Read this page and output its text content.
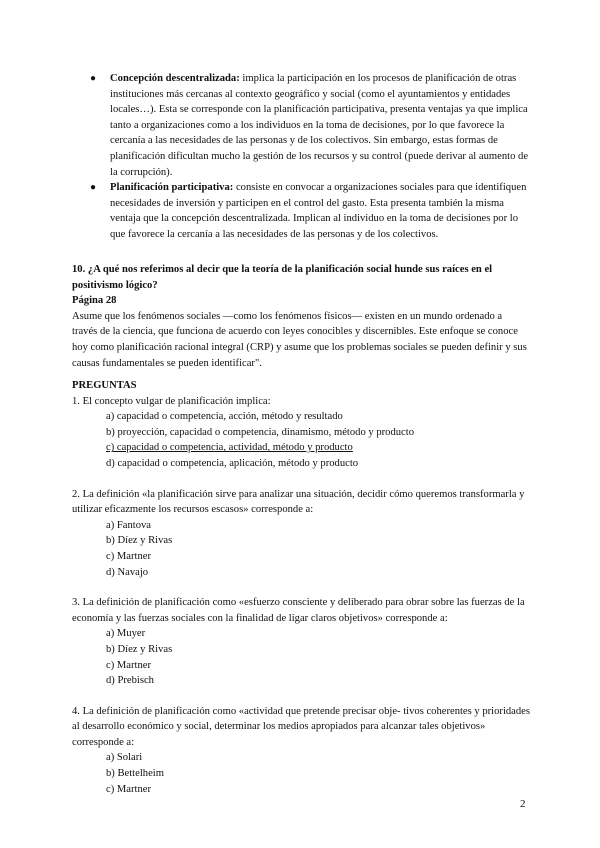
● Concepción descentralizada: implica la participación en los procesos de planificación de otras instituciones más cercanas al contexto geográfico y social (como el ayuntamientos y entidades locales…). Esta se corresponde con la planificación participativa, presenta ventajas ya que implica tanto a organizaciones como a los individuos en la toma de decisiones, por lo que favorece la cercanía a las necesidades de las personas y de los colectivos. Sin embargo, estas formas de planificación dificultan mucho la gestión de los recursos y su control (puede derivar al aumento de la corrupción).
● Planificación participativa: consiste en convocar a organizaciones sociales para que identifiquen necesidades de inversión y participen en el control del gasto. Esta presenta también la misma ventaja que la concepción descentralizada. Implican al individuo en la toma de decisiones por lo que favorece la cercanía a las necesidades de las personas y de los colectivos.
10. ¿A qué nos referimos al decir que la teoría de la planificación social hunde sus raíces en el positivismo lógico?
Página 28
Asume que los fenómenos sociales —como los fenómenos físicos— existen en un mundo ordenado a través de la ciencia, que funciona de acuerdo con leyes conocibles y discernibles. Este enfoque se conoce hoy como planificación racional integral (CRP) y asume que los problemas sociales se pueden definir y sus causas fundamentales se pueden identificar".
PREGUNTAS
1. El concepto vulgar de planificación implica:
a) capacidad o competencia, acción, método y resultado
b) proyección, capacidad o competencia, dinamismo, método y producto
c) capacidad o competencia, actividad, método y producto
d) capacidad o competencia, aplicación, método y producto
2. La definición «la planificación sirve para analizar una situación, decidir cómo queremos transformarla y utilizar eficazmente los recursos escasos» corresponde a:
a) Fantova
b) Díez y Rivas
c) Martner
d) Navajo
3. La definición de planificación como «esfuerzo consciente y deliberado para obrar sobre las fuerzas de la economía y las fuerzas sociales con la finalidad de ligar claros objetivos» corresponde a:
a) Muyer
b) Díez y Rivas
c) Martner
d) Prebisch
4. La definición de planificación como «actividad que pretende precisar obje- tivos coherentes y prioridades al desarrollo económico y social, determinar los medios apropiados para alcanzar tales objetivos» corresponde a:
a) Solari
b) Bettelheim
c) Martner
2
